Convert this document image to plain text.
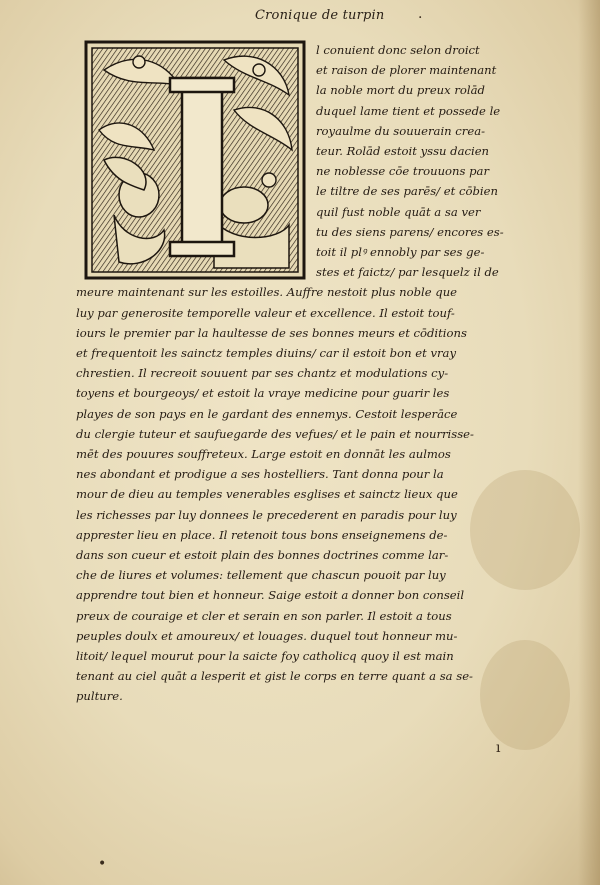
Cronique de turpin	·
l conuient donc selon droict
et raison de plorer maintenant
la noble mort du preux rolād
duquel lame tient et possede le
royaulme du souuerain crea-
teur. Rolād estoit yssu dacien
ne noblesse cōe trouuons par
le tiltre de ses parēs/ et cōbien
quil fust noble quāt a sa ver
tu des siens parens/ encores es-
toit il plꝰ ennobly par ses ge-
stes et faictz/ par lesquelz il de
meure maintenant sur les estoilles. Auffre nestoit plus noble que
luy par generosite temporelle valeur et excellence. Il estoit touf-
iours le premier par la haultesse de ses bonnes meurs et cōditions
et frequentoit les sainctz temples diuins/ car il estoit bon et vray
chrestien. Il recreoit souuent par ses chantz et modulations cy-
toyens et bourgeoys/ et estoit la vraye medicine pour guarir les
playes de son pays en le gardant des ennemys. Cestoit lesperāce
du clergie tuteur et saufuegarde des vefues/ et le pain et nourrisse-
mēt des pouures souffreteux. Large estoit en donnāt les aulmos
nes abondant et prodigue a ses hostelliers. Tant donna pour la
mour de dieu au temples venerables esglises et sainctz lieux que
les richesses par luy donnees le precederent en paradis pour luy
apprester lieu en place. Il retenoit tous bons enseignemens de-
dans son cueur et estoit plain des bonnes doctrines comme lar-
che de liures et volumes: tellement que chascun pouoit par luy
apprendre tout bien et honneur. Saige estoit a donner bon conseil
preux de couraige et cler et serain en son parler. Il estoit a tous
peuples doulx et amoureux/ et louages. duquel tout honneur mu-
litoit/ lequel mourut pour la saicte foy catholicq quoy il est main
tenant au ciel quāt a lesperit et gist le corps en terre quant a sa se-
pulture.
ı
•
